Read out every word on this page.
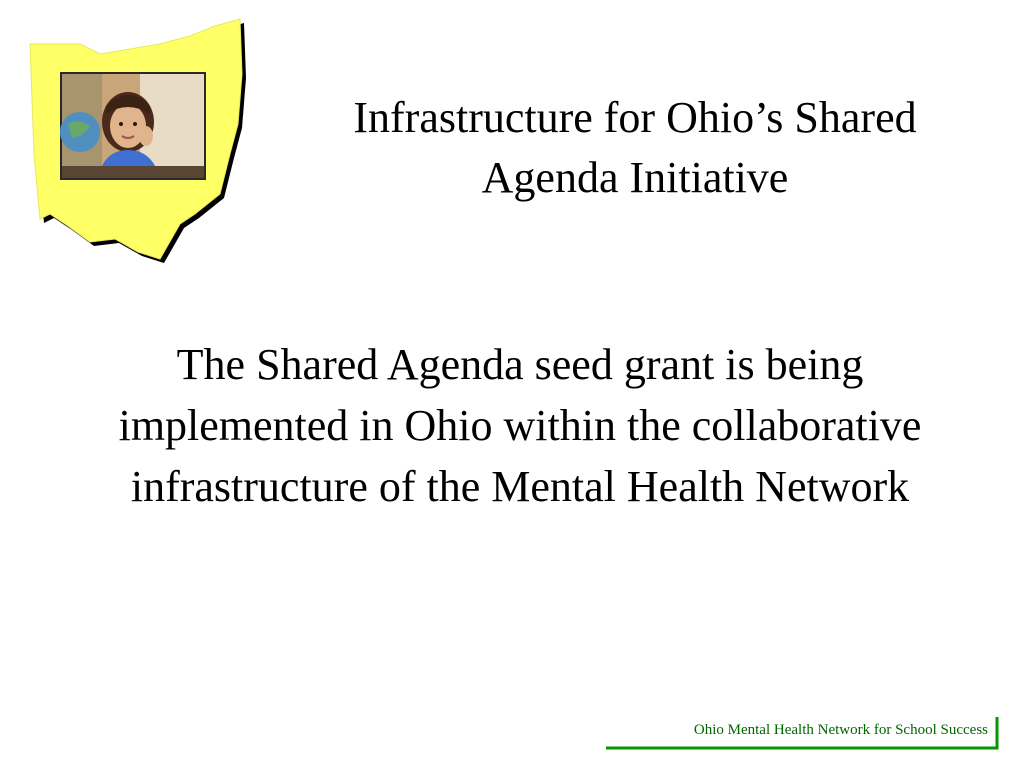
Infrastructure for Ohio’s Shared Agenda Initiative

The Shared Agenda seed grant is being implemented in Ohio within the collaborative infrastructure of the Mental Health Network

Ohio Mental Health Network for School Success
